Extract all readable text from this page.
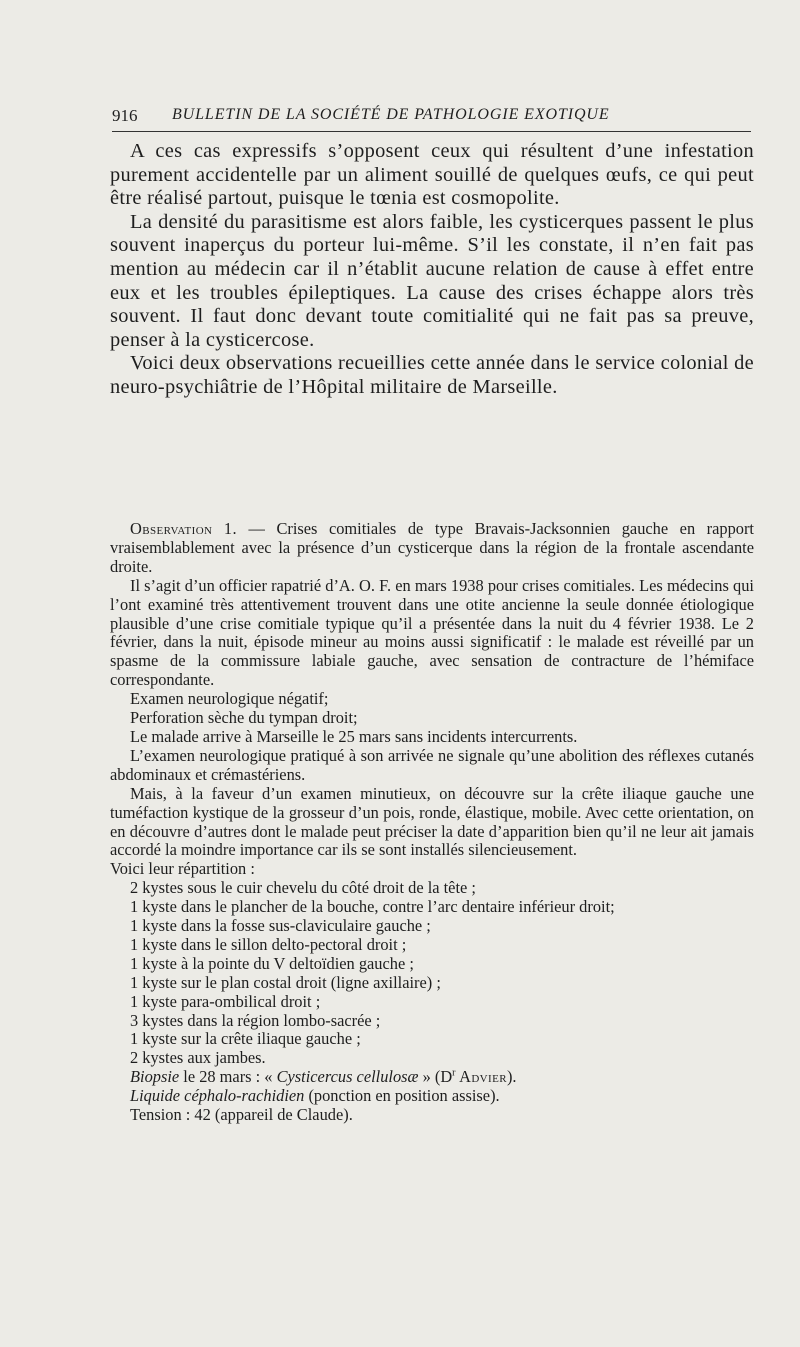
916 BULLETIN DE LA SOCIÉTÉ DE PATHOLOGIE EXOTIQUE

A ces cas expressifs s’opposent ceux qui résultent d’une infestation purement accidentelle par un aliment souillé de quelques œufs, ce qui peut être réalisé partout, puisque le tœnia est cosmopolite.

La densité du parasitisme est alors faible, les cysticerques passent le plus souvent inaperçus du porteur lui-même. S’il les constate, il n’en fait pas mention au médecin car il n’établit aucune relation de cause à effet entre eux et les troubles épileptiques. La cause des crises échappe alors très souvent. Il faut donc devant toute comitialité qui ne fait pas sa preuve, penser à la cysticercose.

Voici deux observations recueillies cette année dans le service colonial de neuro-psychiâtrie de l’Hôpital militaire de Marseille.

Observation 1. — Crises comitiales de type Bravais-Jacksonnien gauche en rapport vraisemblablement avec la présence d’un cysticerque dans la région de la frontale ascendante droite.

Il s’agit d’un officier rapatrié d’A. O. F. en mars 1938 pour crises comitiales. Les médecins qui l’ont examiné très attentivement trouvent dans une otite ancienne la seule donnée étiologique plausible d’une crise comitiale typique qu’il a présentée dans la nuit du 4 février 1938. Le 2 février, dans la nuit, épisode mineur au moins aussi significatif : le malade est réveillé par un spasme de la commissure labiale gauche, avec sensation de contracture de l’hémiface correspondante.

Examen neurologique négatif;

Perforation sèche du tympan droit;

Le malade arrive à Marseille le 25 mars sans incidents intercurrents.

L’examen neurologique pratiqué à son arrivée ne signale qu’une abolition des réflexes cutanés abdominaux et crémastériens.

Mais, à la faveur d’un examen minutieux, on découvre sur la crête iliaque gauche une tuméfaction kystique de la grosseur d’un pois, ronde, élastique, mobile. Avec cette orientation, on en découvre d’autres dont le malade peut préciser la date d’apparition bien qu’il ne leur ait jamais accordé la moindre importance car ils se sont installés silencieusement.

Voici leur répartition :

2 kystes sous le cuir chevelu du côté droit de la tête ;
1 kyste dans le plancher de la bouche, contre l’arc dentaire inférieur droit;
1 kyste dans la fosse sus-claviculaire gauche ;
1 kyste dans le sillon delto-pectoral droit ;
1 kyste à la pointe du V deltoïdien gauche ;
1 kyste sur le plan costal droit (ligne axillaire) ;
1 kyste para-ombilical droit ;
3 kystes dans la région lombo-sacrée ;
1 kyste sur la crête iliaque gauche ;
2 kystes aux jambes.

Biopsie le 28 mars : « Cysticercus cellulosæ » ($D^r$ Advier).

Liquide céphalo-rachidien (ponction en position assise).

Tension : 42 (appareil de Claude).
